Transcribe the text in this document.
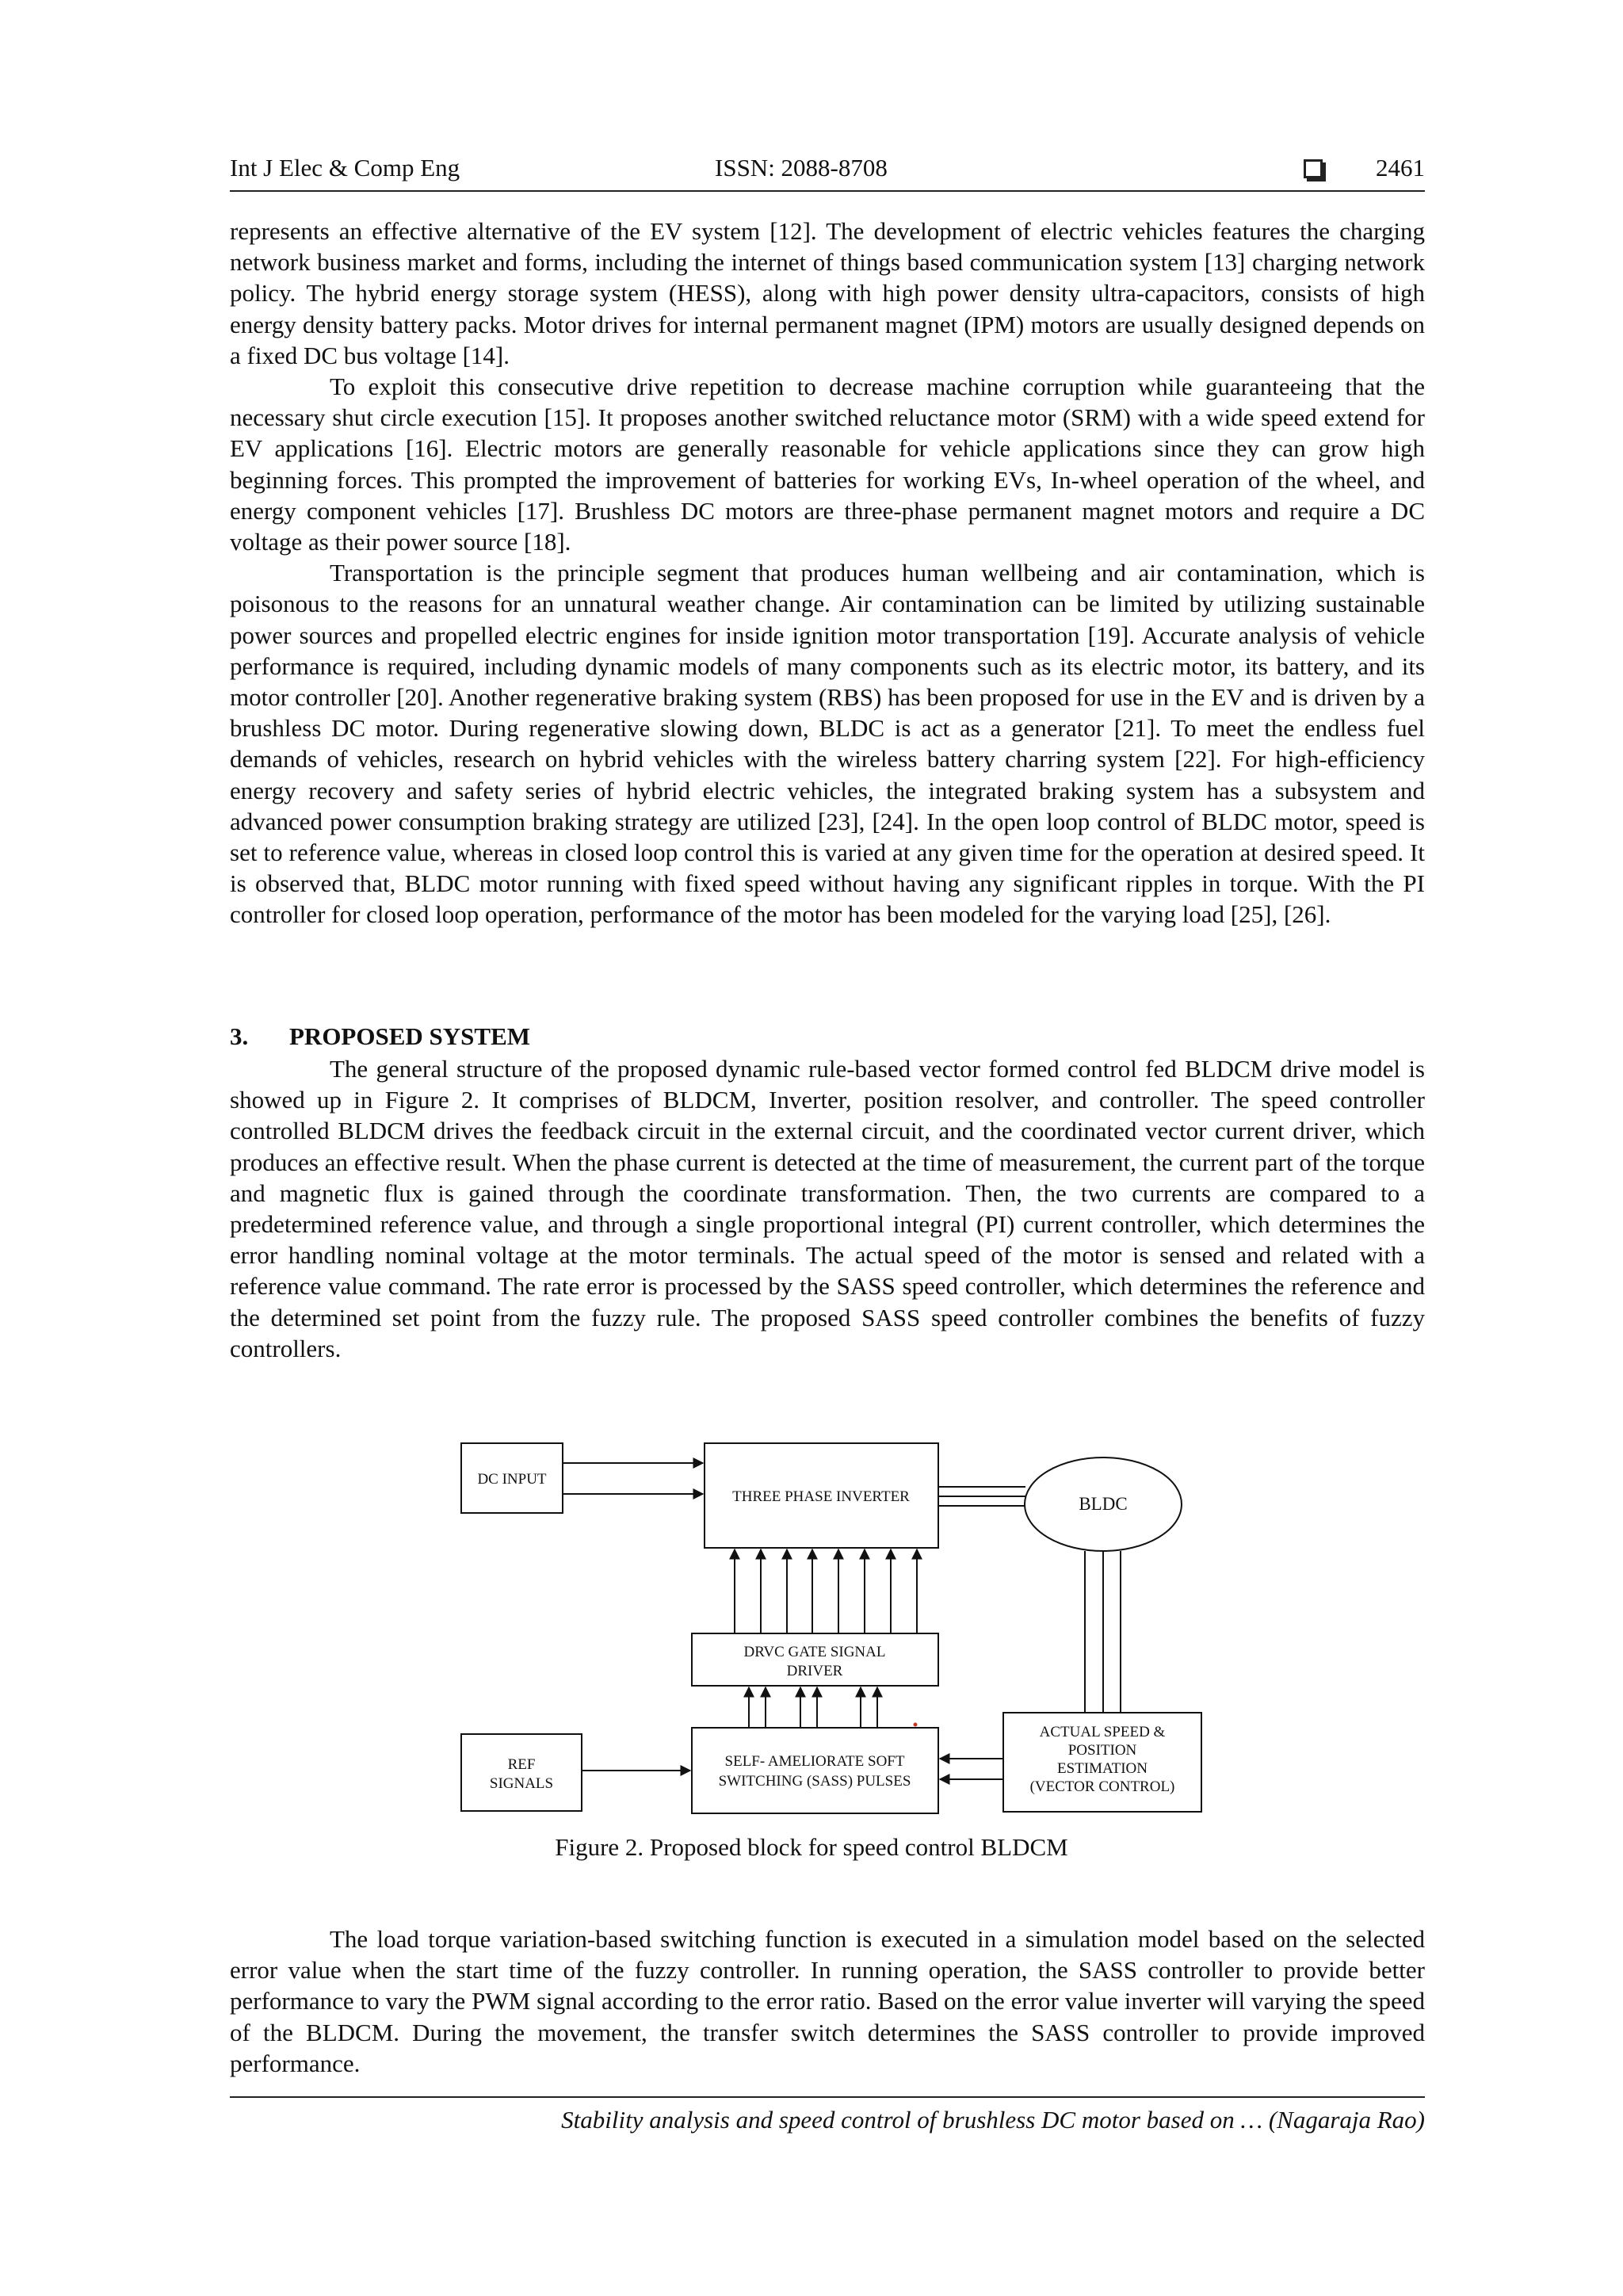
Int J Elec & Comp Eng	ISSN: 2088-8708	2461

represents an effective alternative of the EV system [12]. The development of electric vehicles features the charging network business market and forms, including the internet of things based communication system [13] charging network policy. The hybrid energy storage system (HESS), along with high power density ultra-capacitors, consists of high energy density battery packs. Motor drives for internal permanent magnet (IPM) motors are usually designed depends on a fixed DC bus voltage [14].

To exploit this consecutive drive repetition to decrease machine corruption while guaranteeing that the necessary shut circle execution [15]. It proposes another switched reluctance motor (SRM) with a wide speed extend for EV applications [16]. Electric motors are generally reasonable for vehicle applications since they can grow high beginning forces. This prompted the improvement of batteries for working EVs, In-wheel operation of the wheel, and energy component vehicles [17]. Brushless DC motors are three-phase permanent magnet motors and require a DC voltage as their power source [18].

Transportation is the principle segment that produces human wellbeing and air contamination, which is poisonous to the reasons for an unnatural weather change. Air contamination can be limited by utilizing sustainable power sources and propelled electric engines for inside ignition motor transportation [19]. Accurate analysis of vehicle performance is required, including dynamic models of many components such as its electric motor, its battery, and its motor controller [20]. Another regenerative braking system (RBS) has been proposed for use in the EV and is driven by a brushless DC motor. During regenerative slowing down, BLDC is act as a generator [21]. To meet the endless fuel demands of vehicles, research on hybrid vehicles with the wireless battery charring system [22]. For high-efficiency energy recovery and safety series of hybrid electric vehicles, the integrated braking system has a subsystem and advanced power consumption braking strategy are utilized [23], [24]. In the open loop control of BLDC motor, speed is set to reference value, whereas in closed loop control this is varied at any given time for the operation at desired speed. It is observed that, BLDC motor running with fixed speed without having any significant ripples in torque. With the PI controller for closed loop operation, performance of the motor has been modeled for the varying load [25], [26].

3. PROPOSED SYSTEM

The general structure of the proposed dynamic rule-based vector formed control fed BLDCM drive model is showed up in Figure 2. It comprises of BLDCM, Inverter, position resolver, and controller. The speed controller controlled BLDCM drives the feedback circuit in the external circuit, and the coordinated vector current driver, which produces an effective result. When the phase current is detected at the time of measurement, the current part of the torque and magnetic flux is gained through the coordinate transformation. Then, the two currents are compared to a predetermined reference value, and through a single proportional integral (PI) current controller, which determines the error handling nominal voltage at the motor terminals. The actual speed of the motor is sensed and related with a reference value command. The rate error is processed by the SASS speed controller, which determines the reference and the determined set point from the fuzzy rule. The proposed SASS speed controller combines the benefits of fuzzy controllers.

DC INPUT
THREE PHASE INVERTER	BLDC
DRVC GATE SIGNAL
DRIVER
REF
SIGNALS
SELF- AMELIORATE SOFT
SWITCHING (SASS) PULSES
ACTUAL SPEED &
POSITION
ESTIMATION
(VECTOR CONTROL)
Figure 2. Proposed block for speed control BLDCM

The load torque variation-based switching function is executed in a simulation model based on the selected error value when the start time of the fuzzy controller. In running operation, the SASS controller to provide better performance to vary the PWM signal according to the error ratio. Based on the error value inverter will varying the speed of the BLDCM. During the movement, the transfer switch determines the SASS controller to provide improved performance.

Stability analysis and speed control of brushless DC motor based on … (Nagaraja Rao)
